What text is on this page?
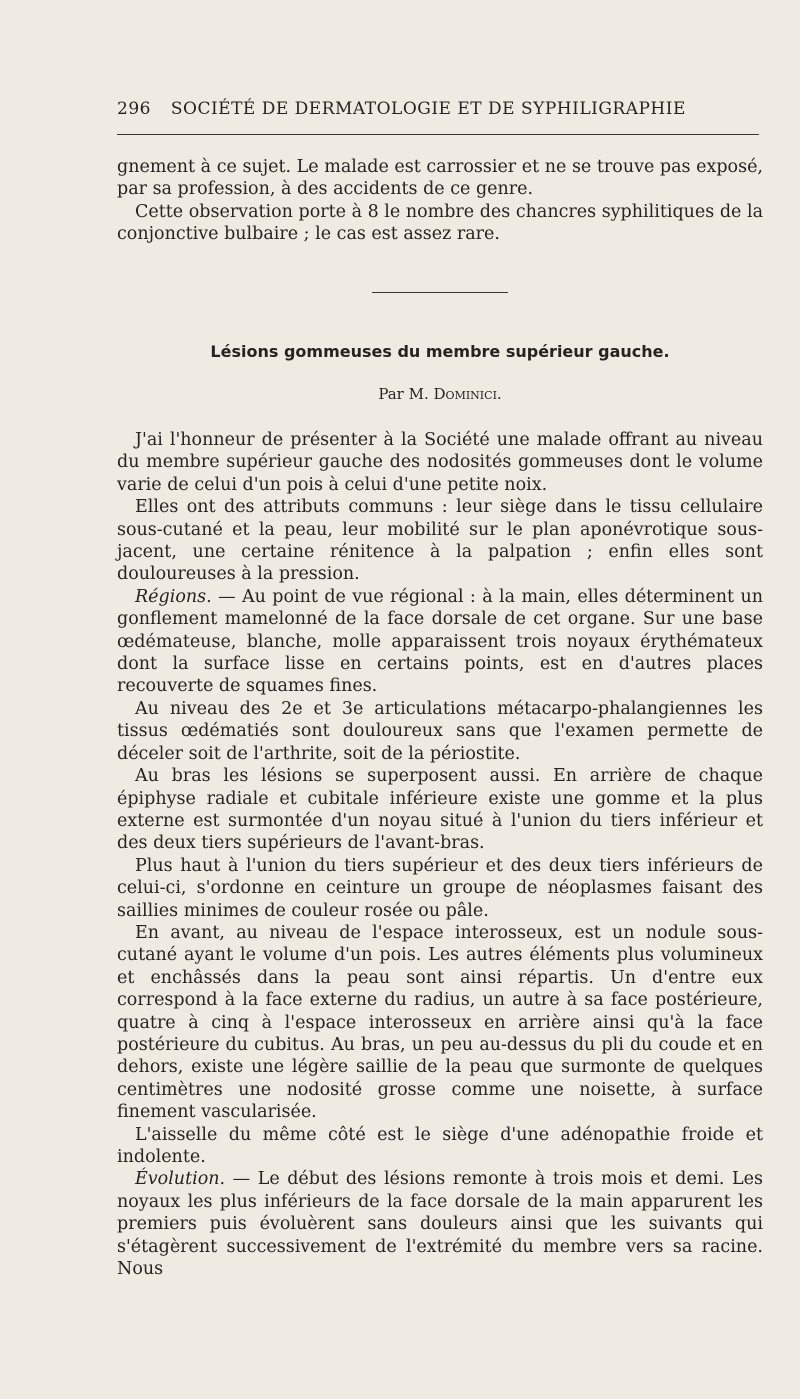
296 SOCIÉTÉ DE DERMATOLOGIE ET DE SYPHILIGRAPHIE

gnement à ce sujet. Le malade est carrossier et ne se trouve pas exposé, par sa profession, à des accidents de ce genre.

Cette observation porte à 8 le nombre des chancres syphilitiques de la conjonctive bulbaire ; le cas est assez rare.

Lésions gommeuses du membre supérieur gauche.
Par M. Dominici.

J'ai l'honneur de présenter à la Société une malade offrant au niveau du membre supérieur gauche des nodosités gommeuses dont le volume varie de celui d'un pois à celui d'une petite noix.

Elles ont des attributs communs : leur siège dans le tissu cellulaire sous-cutané et la peau, leur mobilité sur le plan aponévrotique sous-jacent, une certaine rénitence à la palpation ; enfin elles sont douloureuses à la pression.

Régions. — Au point de vue régional : à la main, elles déterminent un gonflement mamelonné de la face dorsale de cet organe. Sur une base œdémateuse, blanche, molle apparaissent trois noyaux érythémateux dont la surface lisse en certains points, est en d'autres places recouverte de squames fines.

Au niveau des 2e et 3e articulations métacarpo-phalangiennes les tissus œdématiés sont douloureux sans que l'examen permette de déceler soit de l'arthrite, soit de la périostite.

Au bras les lésions se superposent aussi. En arrière de chaque épiphyse radiale et cubitale inférieure existe une gomme et la plus externe est surmontée d'un noyau situé à l'union du tiers inférieur et des deux tiers supérieurs de l'avant-bras.

Plus haut à l'union du tiers supérieur et des deux tiers inférieurs de celui-ci, s'ordonne en ceinture un groupe de néoplasmes faisant des saillies minimes de couleur rosée ou pâle.

En avant, au niveau de l'espace interosseux, est un nodule sous-cutané ayant le volume d'un pois. Les autres éléments plus volumineux et enchâssés dans la peau sont ainsi répartis. Un d'entre eux correspond à la face externe du radius, un autre à sa face postérieure, quatre à cinq à l'espace interosseux en arrière ainsi qu'à la face postérieure du cubitus. Au bras, un peu au-dessus du pli du coude et en dehors, existe une légère saillie de la peau que surmonte de quelques centimètres une nodosité grosse comme une noisette, à surface finement vascularisée.

L'aisselle du même côté est le siège d'une adénopathie froide et indolente.

Évolution. — Le début des lésions remonte à trois mois et demi. Les noyaux les plus inférieurs de la face dorsale de la main apparurent les premiers puis évoluèrent sans douleurs ainsi que les suivants qui s'étagèrent successivement de l'extrémité du membre vers sa racine. Nous
